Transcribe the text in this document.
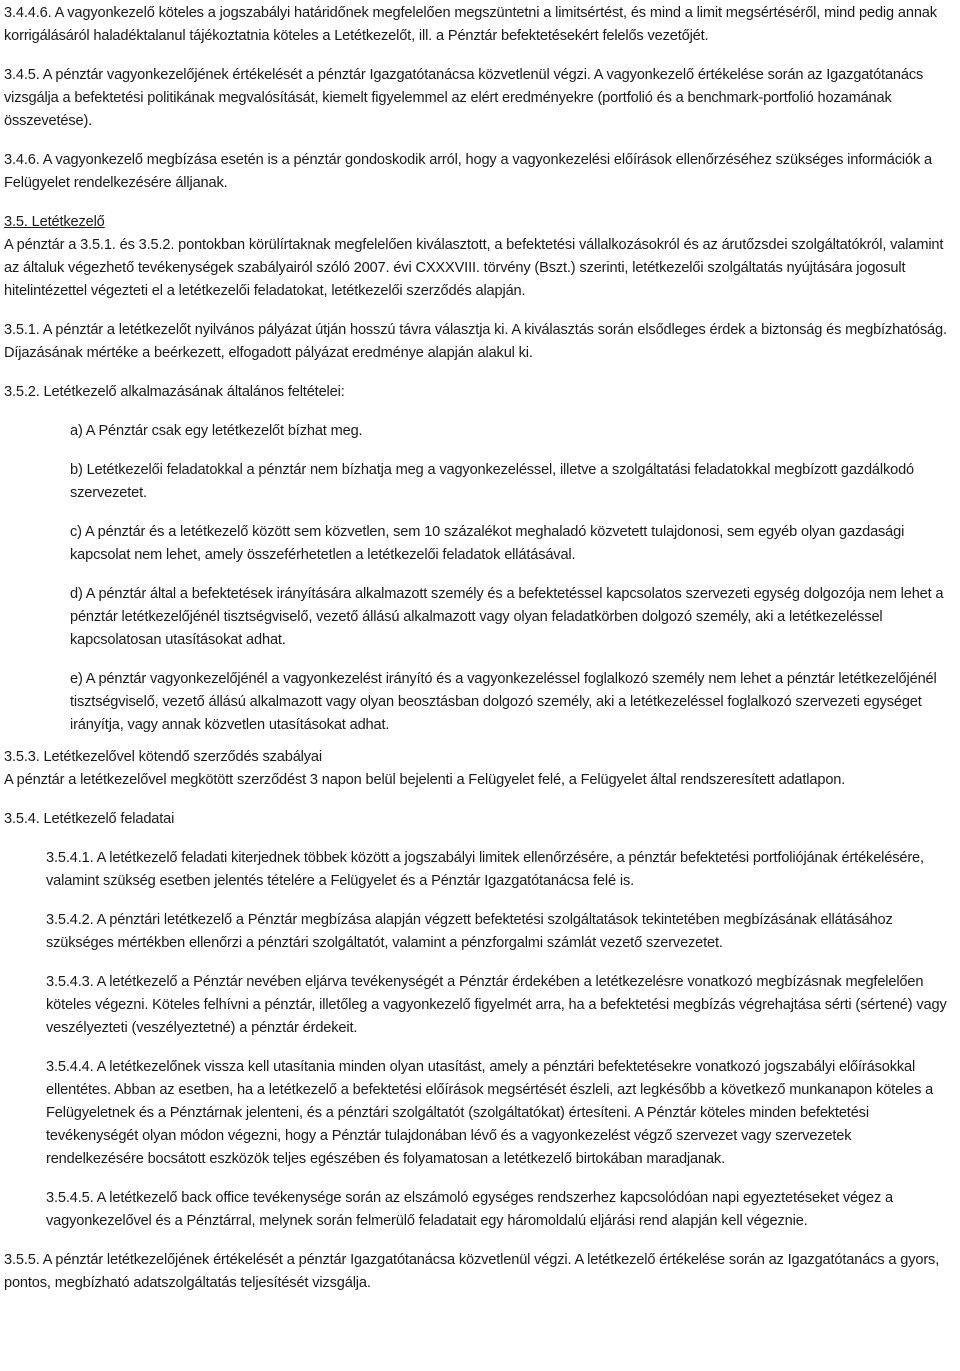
3.4.4.6. A vagyonkezelő köteles a jogszabályi határidőnek megfelelően megszüntetni a limitsértést, és mind a limit megsértéséről, mind pedig annak korrigálásáról haladéktalanul tájékoztatnia köteles a Letétkezelőt, ill. a Pénztár befektetésekért felelős vezetőjét.

3.4.5. A pénztár vagyonkezelőjének értékelését a pénztár Igazgatótanácsa közvetlenül végzi. A vagyonkezelő értékelése során az Igazgatótanács vizsgálja a befektetési politikának megvalósítását, kiemelt figyelemmel az elért eredményekre (portfolió és a benchmark-portfolió hozamának összevetése).

3.4.6. A vagyonkezelő megbízása esetén is a pénztár gondoskodik arról, hogy a vagyonkezelési előírások ellenőrzéséhez szükséges információk a Felügyelet rendelkezésére álljanak.

3.5. Letétkezelő

A pénztár a 3.5.1. és 3.5.2. pontokban körülírtaknak megfelelően kiválasztott, a befektetési vállalkozásokról és az árutőzsdei szolgáltatókról, valamint az általuk végezhető tevékenységek szabályairól szóló 2007. évi CXXXVIII. törvény (Bszt.) szerinti, letétkezelői szolgáltatás nyújtására jogosult hitelintézettel végezteti el a letétkezelői feladatokat, letétkezelői szerződés alapján.

3.5.1. A pénztár a letétkezelőt nyilvános pályázat útján hosszú távra választja ki. A kiválasztás során elsődleges érdek a biztonság és megbízhatóság. Díjazásának mértéke a beérkezett, elfogadott pályázat eredménye alapján alakul ki.

3.5.2. Letétkezelő alkalmazásának általános feltételei:

a) A Pénztár csak egy letétkezelőt bízhat meg.

b) Letétkezelői feladatokkal a pénztár nem bízhatja meg a vagyonkezeléssel, illetve a szolgáltatási feladatokkal megbízott gazdálkodó szervezetet.

c) A pénztár és a letétkezelő között sem közvetlen, sem 10 százalékot meghaladó közvetett tulajdonosi, sem egyéb olyan gazdasági kapcsolat nem lehet, amely összeférhetetlen a letétkezelői feladatok ellátásával.

d) A pénztár által a befektetések irányítására alkalmazott személy és a befektetéssel kapcsolatos szervezeti egység dolgozója nem lehet a pénztár letétkezelőjénél tisztségviselő, vezető állású alkalmazott vagy olyan feladatkörben dolgozó személy, aki a letétkezeléssel kapcsolatosan utasításokat adhat.

e) A pénztár vagyonkezelőjénél a vagyonkezelést irányító és a vagyonkezeléssel foglalkozó személy nem lehet a pénztár letétkezelőjénél tisztségviselő, vezető állású alkalmazott vagy olyan beosztásban dolgozó személy, aki a letétkezeléssel foglalkozó szervezeti egységet irányítja, vagy annak közvetlen utasításokat adhat.

3.5.3. Letétkezelővel kötendő szerződés szabályai

A pénztár a letétkezelővel megkötött szerződést 3 napon belül bejelenti a Felügyelet felé, a Felügyelet által rendszeresített adatlapon.

3.5.4. Letétkezelő feladatai

3.5.4.1. A letétkezelő feladati kiterjednek többek között a jogszabályi limitek ellenőrzésére, a pénztár befektetési portfoliójának értékelésére, valamint szükség esetben jelentés tételére a Felügyelet és a Pénztár Igazgatótanácsa felé is.

3.5.4.2. A pénztári letétkezelő a Pénztár megbízása alapján végzett befektetési szolgáltatások tekintetében megbízásának ellátásához szükséges mértékben ellenőrzi a pénztári szolgáltatót, valamint a pénzforgalmi számlát vezető szervezetet.

3.5.4.3. A letétkezelő a Pénztár nevében eljárva tevékenységét a Pénztár érdekében a letétkezelésre vonatkozó megbízásnak megfelelően köteles végezni. Köteles felhívni a pénztár, illetőleg a vagyonkezelő figyelmét arra, ha a befektetési megbízás végrehajtása sérti (sértené) vagy veszélyezteti (veszélyeztetné) a pénztár érdekeit.

3.5.4.4. A letétkezelőnek vissza kell utasítania minden olyan utasítást, amely a pénztári befektetésekre vonatkozó jogszabályi előírásokkal ellentétes. Abban az esetben, ha a letétkezelő a befektetési előírások megsértését észleli, azt legkésőbb a következő munkanapon köteles a Felügyeletnek és a Pénztárnak jelenteni, és a pénztári szolgáltatót (szolgáltatókat) értesíteni. A Pénztár köteles minden befektetési tevékenységét olyan módon végezni, hogy a Pénztár tulajdonában lévő és a vagyonkezelést végző szervezet vagy szervezetek rendelkezésére bocsátott eszközök teljes egészében és folyamatosan a letétkezelő birtokában maradjanak.

3.5.4.5. A letétkezelő back office tevékenysége során az elszámoló egységes rendszerhez kapcsolódóan napi egyeztetéseket végez a vagyonkezelővel és a Pénztárral, melynek során felmerülő feladatait egy háromoldalú eljárási rend alapján kell végeznie.

3.5.5. A pénztár letétkezelőjének értékelését a pénztár Igazgatótanácsa közvetlenül végzi. A letétkezelő értékelése során az Igazgatótanács a gyors, pontos, megbízható adatszolgáltatás teljesítését vizsgálja.
